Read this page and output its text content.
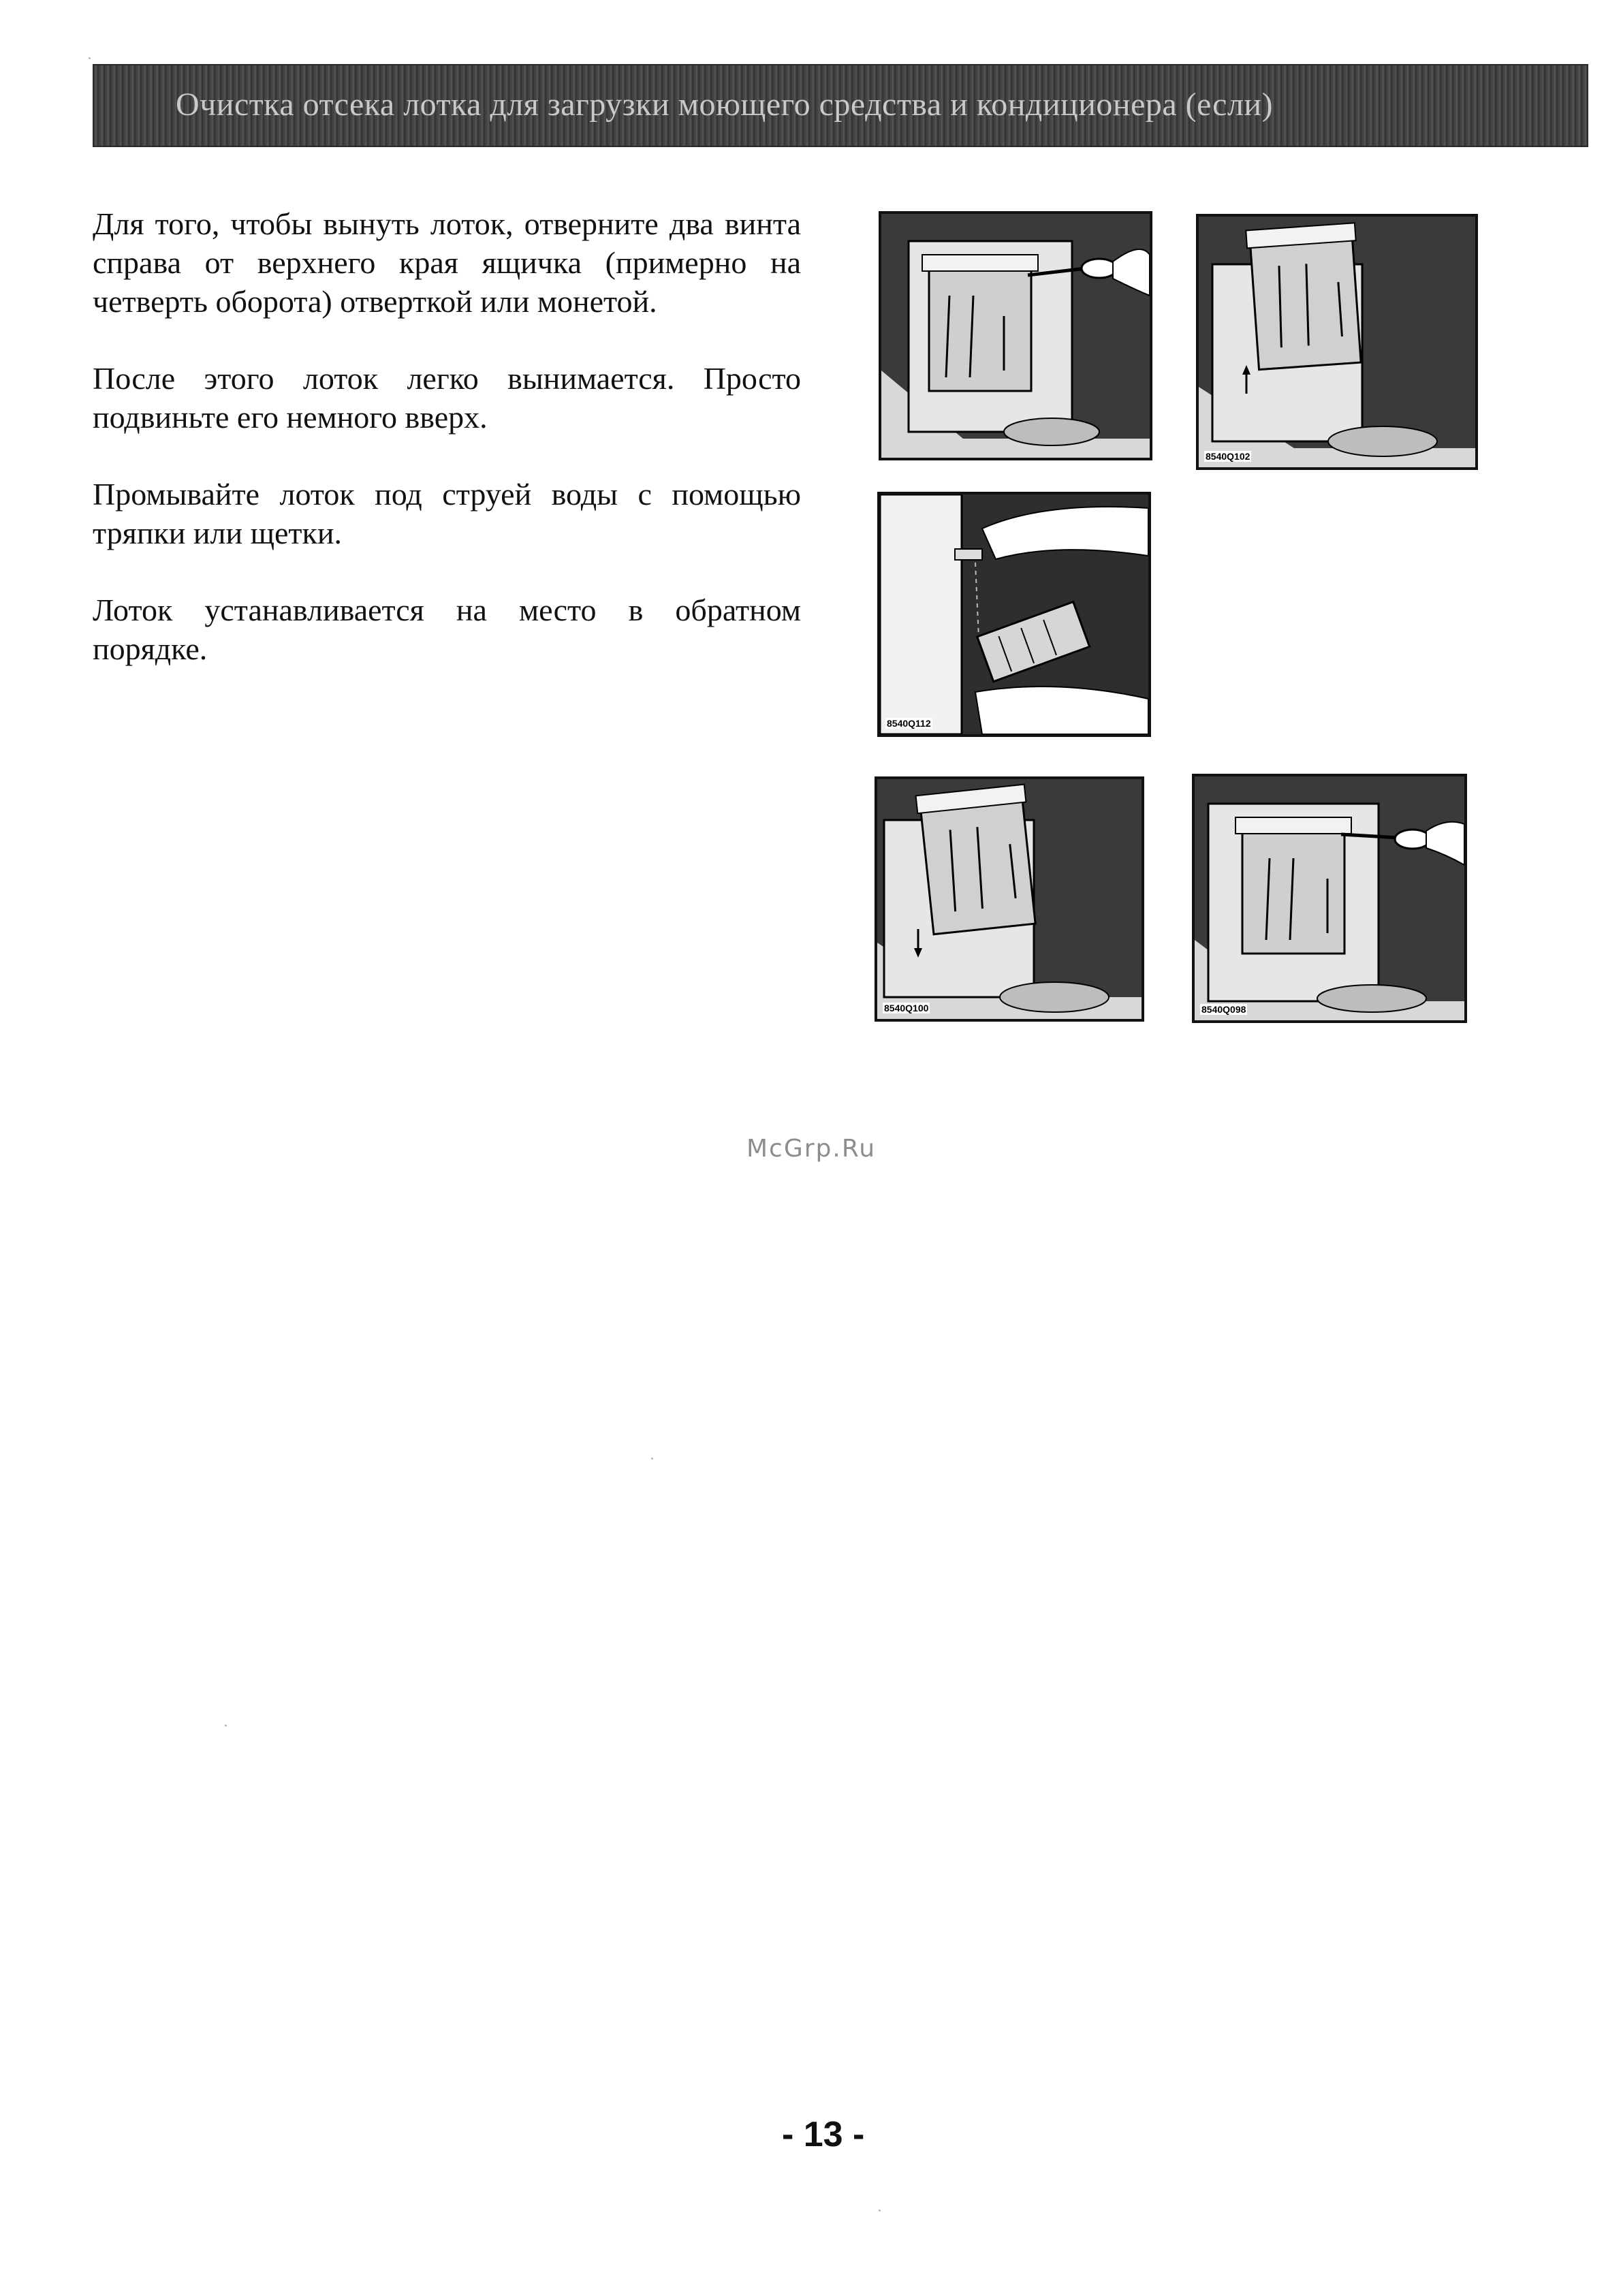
Очистка отсека лотка для загрузки моющего средства и кондиционера (если)

Для того, чтобы вынуть лоток, отверните два винта справа от верхнего края ящичка (примерно на четверть оборота) отверткой или монетой.

После этого лоток легко вынимается. Просто подвиньте его немного вверх.

Промывайте лоток под струей воды с помощью тряпки или щетки.

Лоток устанавливается на место в обратном порядке.

8540Q102
8540Q112
8540Q100	8540Q098
McGrp.Ru
- 13 -
